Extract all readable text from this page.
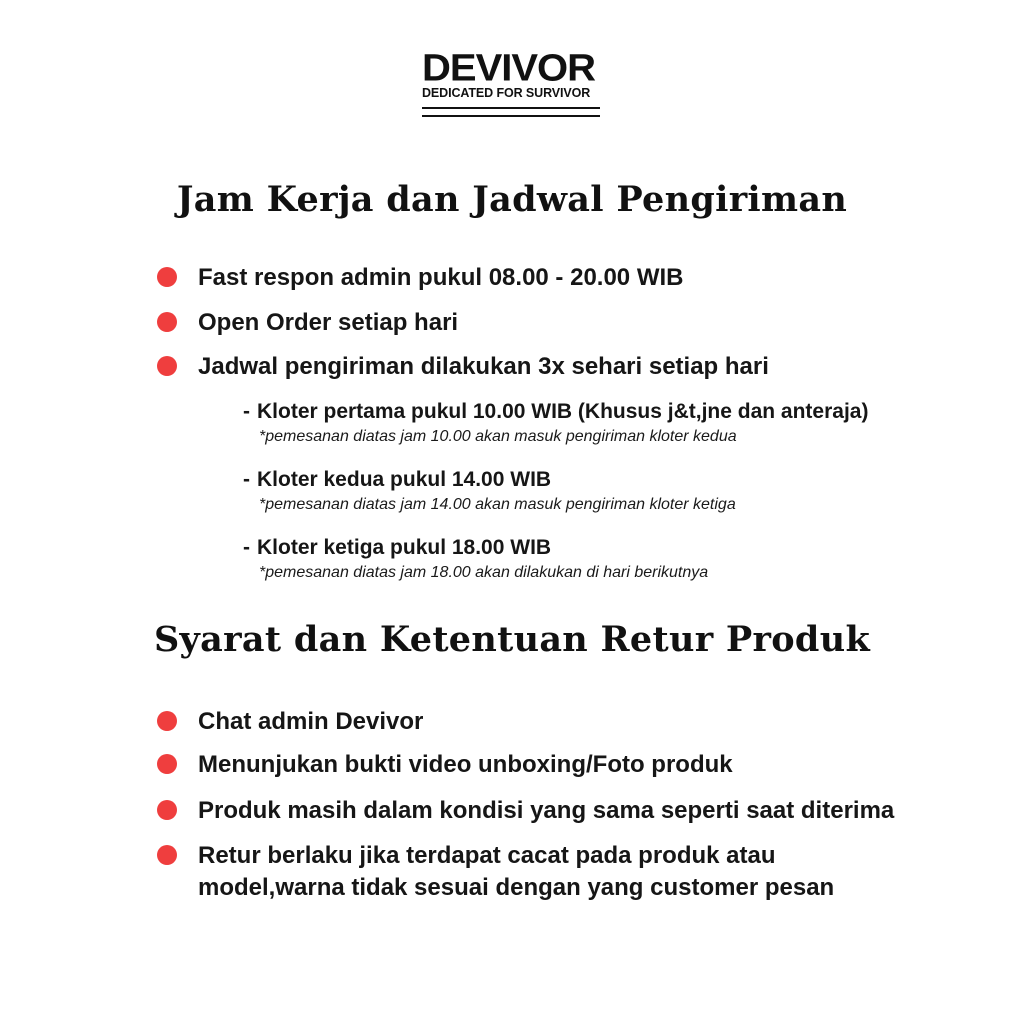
DEVIVOR
DEDICATED FOR SURVIVOR
Jam Kerja dan Jadwal Pengiriman
Fast respon admin pukul 08.00 - 20.00 WIB
Open Order setiap hari
Jadwal pengiriman dilakukan 3x sehari setiap hari
- Kloter pertama pukul 10.00 WIB (Khusus j&t,jne dan anteraja)
*pemesanan diatas jam 10.00 akan masuk pengiriman kloter kedua
- Kloter kedua pukul 14.00 WIB
*pemesanan diatas jam 14.00 akan masuk pengiriman kloter ketiga
- Kloter ketiga pukul 18.00 WIB
*pemesanan diatas jam 18.00 akan dilakukan di hari berikutnya
Syarat dan Ketentuan Retur Produk
Chat admin Devivor
Menunjukan bukti video unboxing/Foto produk
Produk masih dalam kondisi yang sama seperti saat diterima
Retur berlaku jika terdapat cacat pada produk atau
model,warna tidak sesuai dengan yang customer pesan
